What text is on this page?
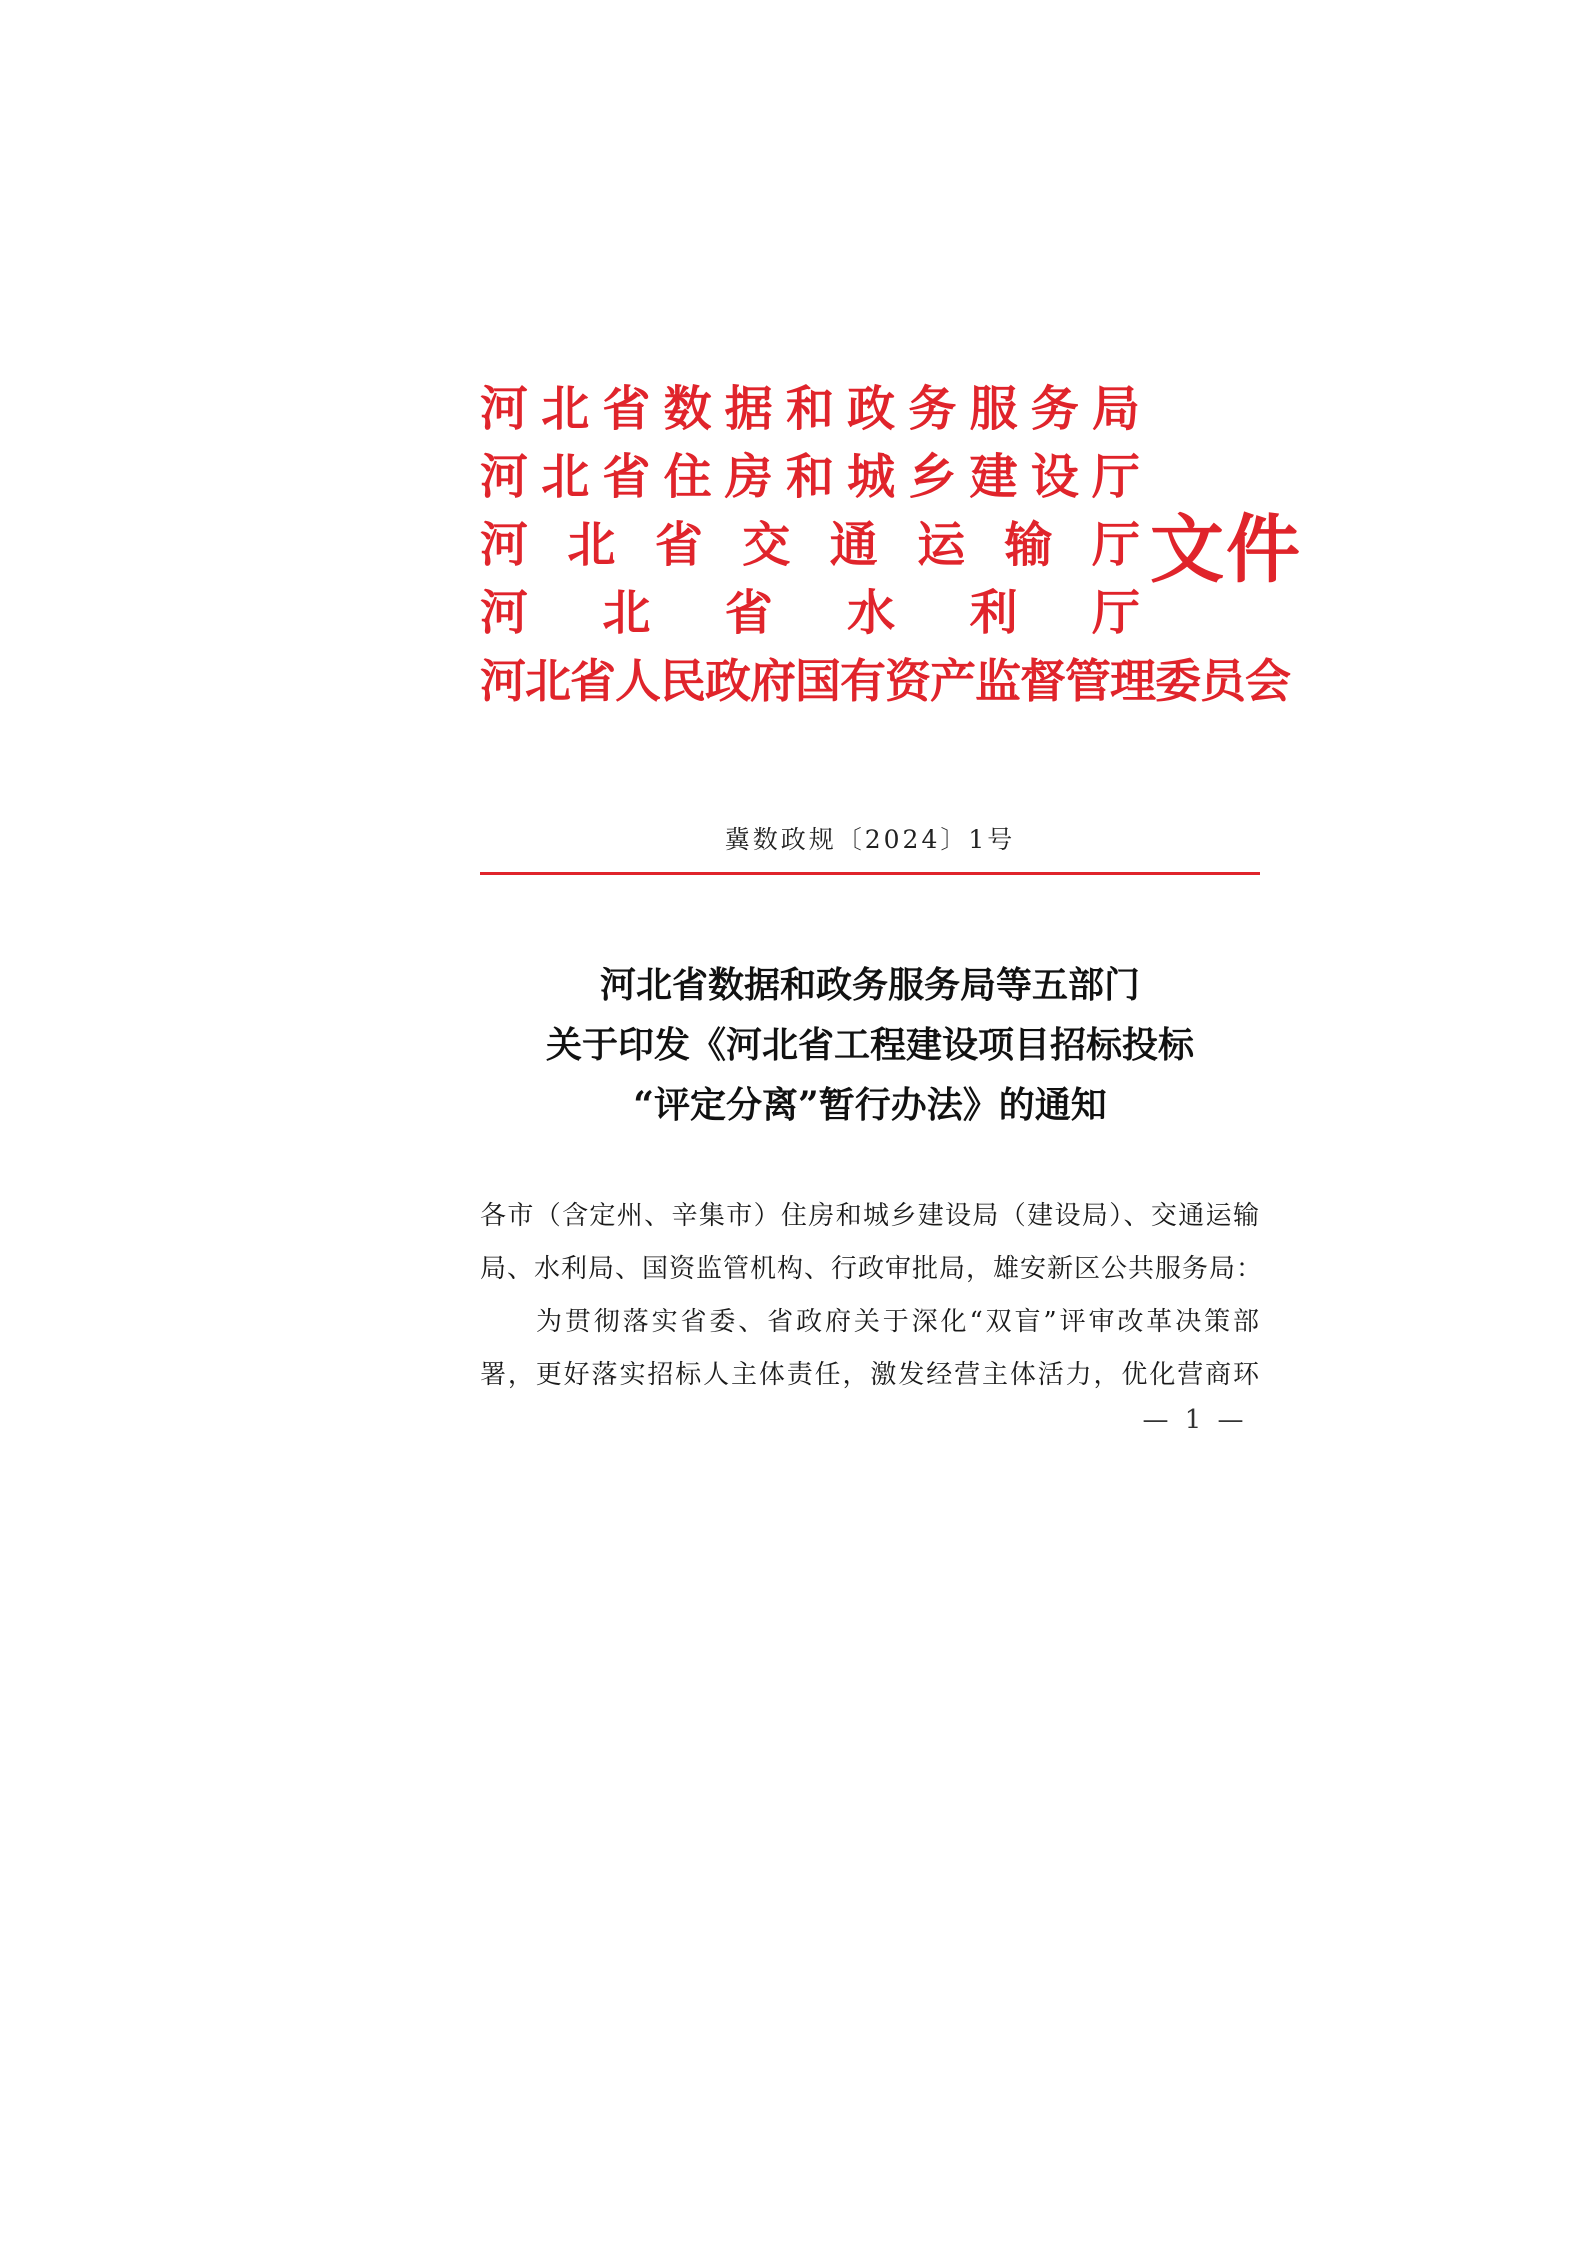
河 北 省 数 据 和 政 务 服 务 局
河 北 省 住 房 和 城 乡 建 设 厅
河 北 省 交 通 运 输 厅
河 北 省 水 利 厅
河 北 省 人 民 政 府 国 有 资 产 监 督 管 理 委 员 会
文件
冀数政规〔2024〕1号
河北省数据和政务服务局等五部门
关于印发《河北省工程建设项目招标投标
“评定分离”暂行办法》的通知
各市（含定州、辛集市）住房和城乡建设局（建设局）、交通运输
局、水利局、国资监管机构、行政审批局，雄安新区公共服务局：
为贯彻落实省委、省政府关于深化“双盲”评审改革决策部
署，更好落实招标人主体责任，激发经营主体活力，优化营商环
— 1 —
